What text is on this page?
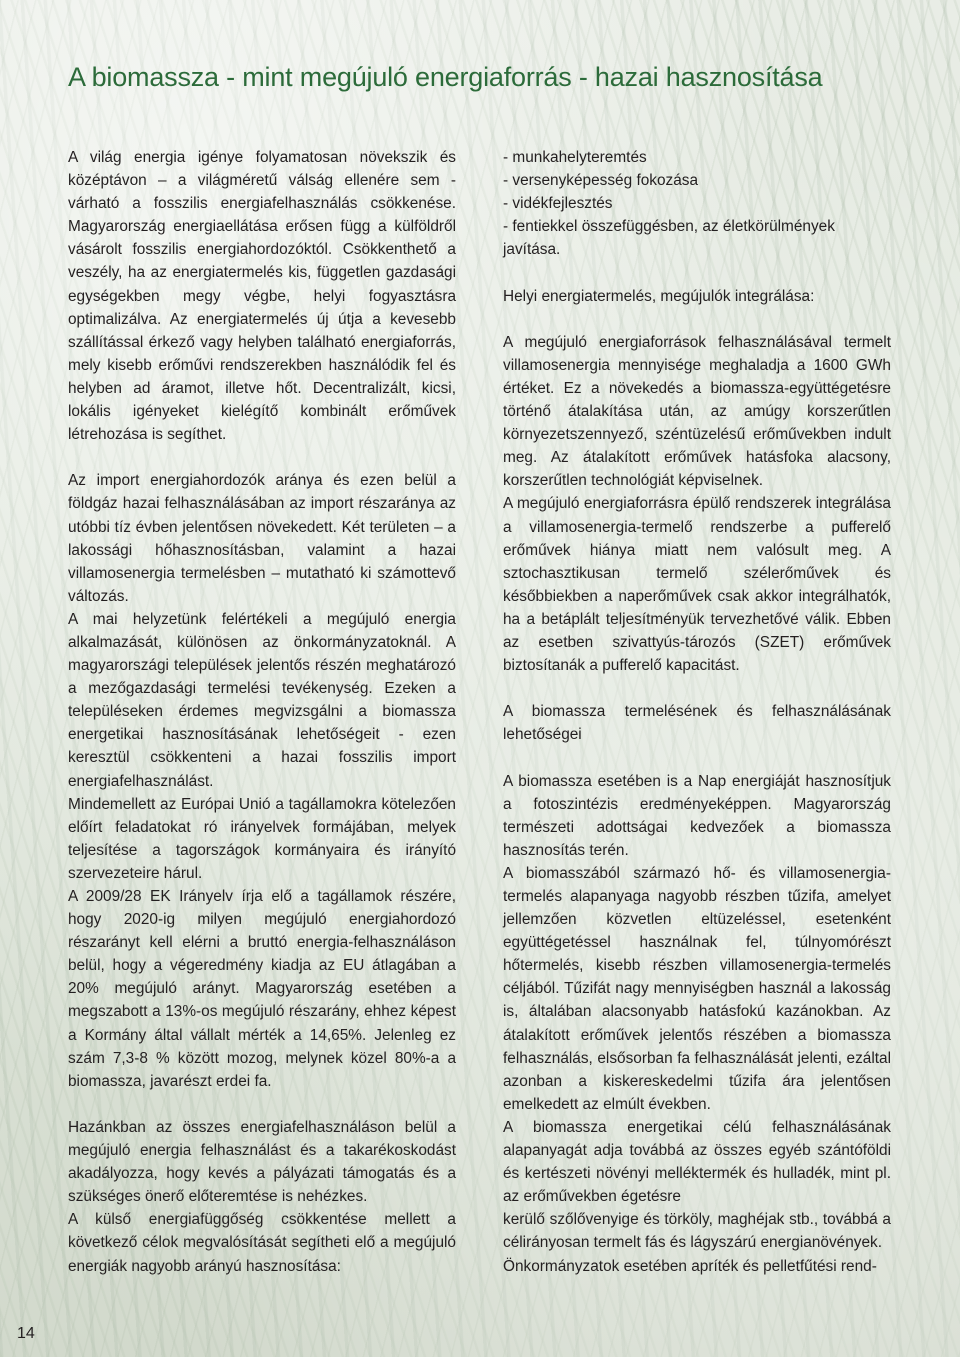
A biomassza - mint megújuló energiaforrás - hazai hasznosítása

A világ energia igénye folyamatosan növekszik és középtávon – a világméretű válság ellenére sem - várható a fosszilis energiafelhasználás csökkenése. Magyarország energiaellátása erősen függ a külföldről vásárolt fosszilis energiahordozóktól. Csökkenthető a veszély, ha az energiatermelés kis, független gazdasági egységekben megy végbe, helyi fogyasztásra optimalizálva. Az energiatermelés új útja a kevesebb szállítással érkező vagy helyben található energiaforrás, mely kisebb erőművi rendszerekben használódik fel és helyben ad áramot, illetve hőt. Decentralizált, kicsi, lokális igényeket kielégítő kombinált erőművek létrehozása is segíthet.

Az import energiahordozók aránya és ezen belül a földgáz hazai felhasználásában az import részaránya az utóbbi tíz évben jelentősen növekedett. Két területen – a lakossági hőhasznosításban, valamint a hazai villamosenergia termelésben – mutatható ki számottevő változás.

A mai helyzetünk felértékeli a megújuló energia alkalmazását, különösen az önkormányzatoknál. A magyarországi települések jelentős részén meghatározó a mezőgazdasági termelési tevékenység. Ezeken a településeken érdemes megvizsgálni a biomassza energetikai hasznosításának lehetőségeit - ezen keresztül csökkenteni a hazai fosszilis import energiafelhasználást.

Mindemellett az Európai Unió a tagállamokra kötelezően előírt feladatokat ró irányelvek formájában, melyek teljesítése a tagországok kormányaira és irányító szervezeteire hárul.

A 2009/28 EK Irányelv írja elő a tagállamok részére, hogy 2020-ig milyen megújuló energiahordozó részarányt kell elérni a bruttó energia-felhasználáson belül, hogy a végeredmény kiadja az EU átlagában a 20% megújuló arányt. Magyarország esetében a megszabott a 13%-os megújuló részarány, ehhez képest a Kormány által vállalt mérték a 14,65%. Jelenleg ez szám 7,3-8 % között mozog, melynek közel 80%-a a biomassza, javarészt erdei fa.

Hazánkban az összes energiafelhasználáson belül a megújuló energia felhasználást és a takarékoskodást akadályozza, hogy kevés a pályázati támogatás és a szükséges önerő előteremtése is nehézkes.

A külső energiafüggőség csökkentése mellett a következő célok megvalósítását segítheti elő a megújuló energiák nagyobb arányú hasznosítása:

- munkahelyteremtés

- versenyképesség fokozása

- vidékfejlesztés

- fentiekkel összefüggésben, az életkörülmények javítása.

Helyi energiatermelés, megújulók integrálása:

A megújuló energiaforrások felhasználásával termelt villamosenergia mennyisége meghaladja a 1600 GWh értéket. Ez a növekedés a biomassza-együttégetésre történő átalakítása után, az amúgy korszerűtlen környezetszennyező, széntüzelésű erőművekben indult meg. Az átalakított erőművek hatásfoka alacsony, korszerűtlen technológiát képviselnek.

A megújuló energiaforrásra épülő rendszerek integrálása a villamosenergia-termelő rendszerbe a pufferelő erőművek hiánya miatt nem valósult meg. A sztochasztikusan termelő szélerőművek és későbbiekben a naperőművek csak akkor integrálhatók, ha a betáplált teljesítményük tervezhetővé válik. Ebben az esetben szivattyús-tározós (SZET) erőművek biztosítanák a pufferelő kapacitást.

A biomassza termelésének és felhasználásának lehetőségei

A biomassza esetében is a Nap energiáját hasznosítjuk a fotoszintézis eredményeképpen. Magyarország természeti adottságai kedvezőek a biomassza hasznosítás terén.

A biomasszából származó hő- és villamosenergia-termelés alapanyaga nagyobb részben tűzifa, amelyet jellemzően közvetlen eltüzeléssel, esetenként együttégetéssel használnak fel, túlnyomórészt hőtermelés, kisebb részben villamosenergia-termelés céljából. Tűzifát nagy mennyiségben használ a lakosság is, általában alacsonyabb hatásfokú kazánokban. Az átalakított erőművek jelentős részében a biomassza felhasználás, elsősorban fa felhasználását jelenti, ezáltal azonban a kiskereskedelmi tűzifa ára jelentősen emelkedett az elmúlt években.

A biomassza energetikai célú felhasználásának alapanyagát adja továbbá az összes egyéb szántóföldi és kertészeti növényi melléktermék és hulladék, mint pl. az erőművekben égetésre

kerülő szőlővenyige és törköly, maghéjak stb., továbbá a célirányosan termelt fás és lágyszárú energianövények.

Önkormányzatok esetében apríték és pelletfűtési rend-

14
